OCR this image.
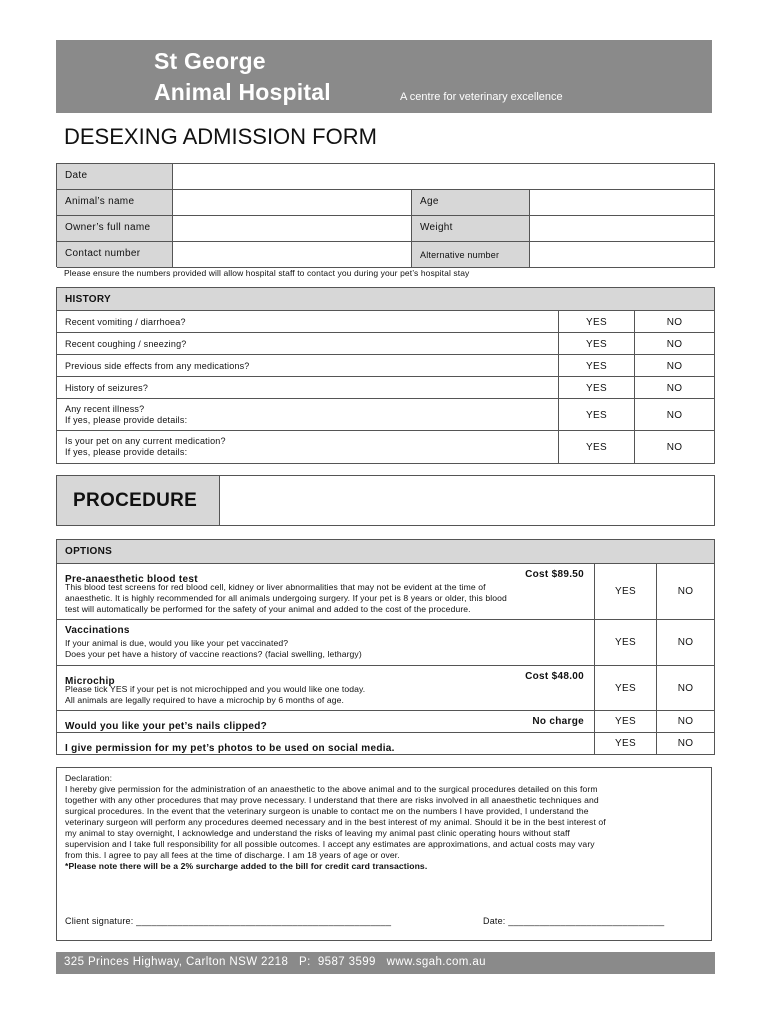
St George
Animal Hospital	A centre for veterinary excellence
DESEXING ADMISSION FORM
Date
Animal’s name	Age
Owner’s full name	Weight
Contact number	Alternative number
Please ensure the numbers provided will allow hospital staff to contact you during your pet’s hospital stay
HISTORY
Recent vomiting / diarrhoea?	YES	NO
Recent coughing / sneezing?	YES	NO
Previous side effects from any medications?	YES	NO
History of seizures?	YES	NO
Any recent illness?
If yes, please provide details:	YES	NO
Is your pet on any current medication?
If yes, please provide details:	YES	NO
PROCEDURE
OPTIONS
Pre-anaesthetic blood test	Cost $89.50
This blood test screens for red blood cell, kidney or liver abnormalities that may not be evident at the time of
anaesthetic. It is highly recommended for all animals undergoing surgery. If your pet is 8 years or older, this blood
test will automatically be performed for the safety of your animal and added to the cost of the procedure.
YES	NO
Vaccinations
If your animal is due, would you like your pet vaccinated?
Does your pet have a history of vaccine reactions? (facial swelling, lethargy)
YES	NO
Microchip	Cost $48.00
Please tick YES if your pet is not microchipped and you would like one today.
All animals are legally required to have a microchip by 6 months of age.
YES	NO
Would you like your pet’s nails clipped?	No charge	YES	NO
I give permission for my pet’s photos to be used on social media.	YES	NO
Declaration:
I hereby give permission for the administration of an anaesthetic to the above animal and to the surgical procedures detailed on this form
together with any other procedures that may prove necessary. I understand that there are risks involved in all anaesthetic techniques and
surgical procedures. In the event that the veterinary surgeon is unable to contact me on the numbers I have provided, I understand the
veterinary surgeon will perform any procedures deemed necessary and in the best interest of my animal. Should it be in the best interest of
my animal to stay overnight, I acknowledge and understand the risks of leaving my animal past clinic operating hours without staff
supervision and I take full responsibility for all possible outcomes. I accept any estimates are approximations, and actual costs may vary
from this. I agree to pay all fees at the time of discharge. I am 18 years of age or over.
*Please note there will be a 2% surcharge added to the bill for credit card transactions.
Client signature: _________________________________________________	Date: ______________________________
325 Princes Highway, Carlton NSW 2218   P:  9587 3599   www.sgah.com.au
